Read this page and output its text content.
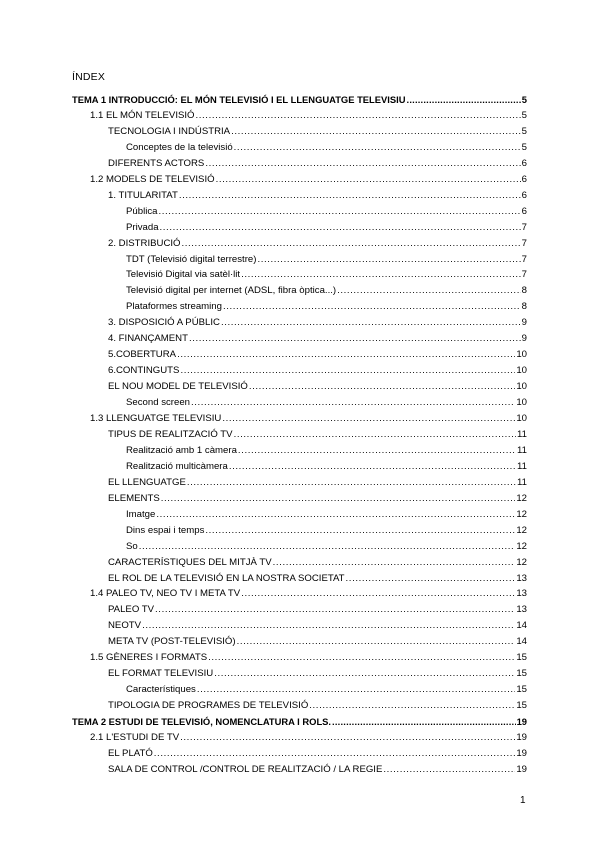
ÍNDEX
TEMA 1 INTRODUCCIÓ: EL MÓN TELEVISIÓ I EL LLENGUATGE TELEVISIU .....	5
1.1 EL MÓN TELEVISIÓ .....	5
TECNOLOGIA I INDÚSTRIA .....	5
Conceptes de la televisió .....	5
DIFERENTS ACTORS .....	6
1.2 MODELS DE TELEVISIÓ .....	6
1. TITULARITAT .....	6
Pública .....	6
Privada .....	7
2. DISTRIBUCIÓ .....	7
TDT (Televisió digital terrestre) .....	7
Televisió Digital via satèl·lit .....	7
Televisió digital per internet (ADSL, fibra òptica...) .....	8
Plataformes streaming .....	8
3. DISPOSICIÓ A PÚBLIC .....	9
4. FINANÇAMENT .....	9
5.COBERTURA .....	10
6.CONTINGUTS .....	10
EL NOU MODEL DE TELEVISIÓ .....	10
Second screen .....	10
1.3 LLENGUATGE TELEVISIU .....	10
TIPUS DE REALITZACIÓ TV .....	11
Realització amb 1 càmera .....	11
Realització multicàmera .....	11
EL LLENGUATGE .....	11
ELEMENTS .....	12
Imatge .....	12
Dins espai i temps .....	12
So .....	12
CARACTERÍSTIQUES DEL MITJÀ TV .....	12
EL ROL DE LA TELEVISIÓ EN LA NOSTRA SOCIETAT .....	13
1.4 PALEO TV, NEO TV I META TV .....	13
PALEO TV .....	13
NEOTV .....	14
META TV (POST-TELEVISIÓ) .....	14
1.5 GÈNERES I FORMATS .....	15
EL FORMAT TELEVISIU .....	15
Característiques .....	15
TIPOLOGIA DE PROGRAMES DE TELEVISIÓ .....	15
TEMA 2 ESTUDI DE TELEVISIÓ, NOMENCLATURA I ROLS. .....	19
2.1 L'ESTUDI DE TV .....	19
EL PLATÓ .....	19
SALA DE CONTROL /CONTROL DE REALITZACIÓ / LA REGIE .....	19
1
